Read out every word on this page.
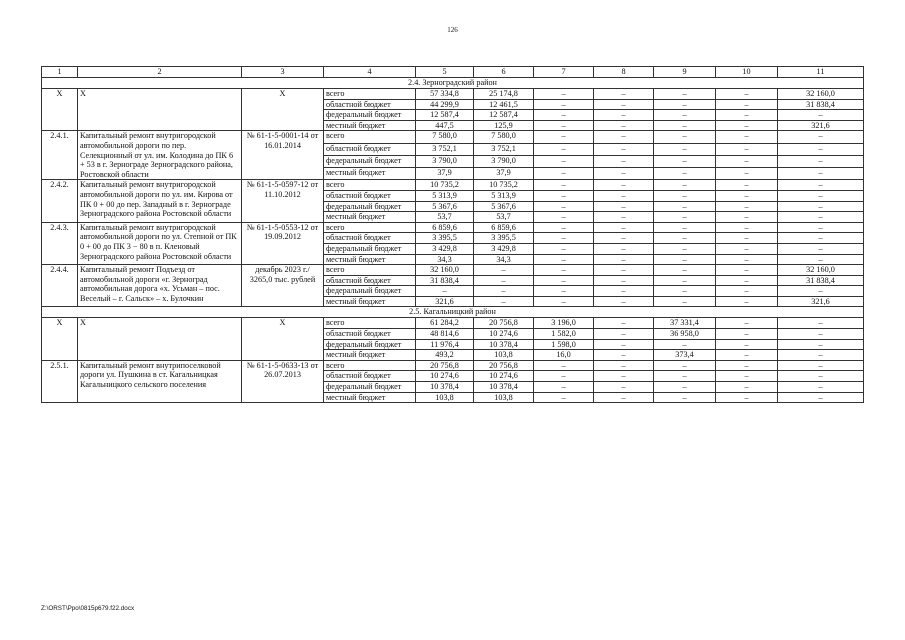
126
1	2	3	4	5	6	7	8	9	10	11
2.4. Зерноградский район										
X	X	X	всего	57 334,8	25 174,8	–	–	–	–	32 160,0
			областной бюджет	44 299,9	12 461,5	–	–	–	–	31 838,4
			федеральный бюджет	12 587,4	12 587,4	–	–	–	–	–
			местный бюджет	447,5	125,9	–	–	–	–	321,6
2.4.1.	Капитальный ремонт внутригородской автомобильной дороги по пер. Селекционный от ул. им. Колодина до ПК 6 + 53 в г. Зернограде Зерноградского района, Ростовской области	№ 61-1-5-0001-14 от 16.01.2014	всего	7 580,0	7 580,0	–	–	–	–	–
			областной бюджет	3 752,1	3 752,1	–	–	–	–	–
			федеральный бюджет	3 790,0	3 790,0	–	–	–	–	–
			местный бюджет	37,9	37,9	–	–	–	–	–
2.4.2.	Капитальный ремонт внутригородской автомобильной дороги по ул. им. Кирова от ПК 0 + 00 до пер. Западный в г. Зернограде Зерноградского района Ростовской области	№ 61-1-5-0597-12 от 11.10.2012	всего	10 735,2	10 735,2	–	–	–	–	–
			областной бюджет	5 313,9	5 313,9	–	–	–	–	–
			федеральный бюджет	5 367,6	5 367,6	–	–	–	–	–
			местный бюджет	53,7	53,7	–	–	–	–	–
2.4.3.	Капитальный ремонт внутригородской автомобильной дороги по ул. Степной от ПК 0 + 00 до ПК 3 − 80 в п. Кленовый Зерноградского района Ростовской области	№ 61-1-5-0553-12 от 19.09.2012	всего	6 859,6	6 859,6	–	–	–	–	–
			областной бюджет	3 395,5	3 395,5	–	–	–	–	–
			федеральный бюджет	3 429,8	3 429,8	–	–	–	–	–
			местный бюджет	34,3	34,3	–	–	–	–	–
2.4.4.	Капитальный ремонт Подъезд от автомобильной дороги «г. Зерноград автомобильная дорога «х. Усьман – пос. Веселый – г. Сальск» – х. Булочкин	декабрь 2023 г./ 3265,0 тыс. рублей	всего	32 160,0	–	–	–	–	–	32 160,0
			областной бюджет	31 838,4	–	–	–	–	–	31 838,4
			федеральный бюджет	–	–	–	–	–	–	–
			местный бюджет	321,6	–	–	–	–	–	321,6
2.5. Кагальницкий район										
X	X	X	всего	61 284,2	20 756,8	3 196,0	–	37 331,4	–	–
			областной бюджет	48 814,6	10 274,6	1 582,0	–	36 958,0	–	–
			федеральный бюджет	11 976,4	10 378,4	1 598,0	–	–	–	–
			местный бюджет	493,2	103,8	16,0	–	373,4	–	–
2.5.1.	Капитальный ремонт внутрипоселковой дороги ул. Пушкина в ст. Кагальницкая Кагальницкого сельского поселения	№ 61-1-5-0633-13 от 26.07.2013	всего	20 756,8	20 756,8	–	–	–	–	–
			областной бюджет	10 274,6	10 274,6	–	–	–	–	–
			федеральный бюджет	10 378,4	10 378,4	–	–	–	–	–
			местный бюджет	103,8	103,8	–	–	–	–	–
Z:\ORST\Ppo\0815p679.f22.docx
